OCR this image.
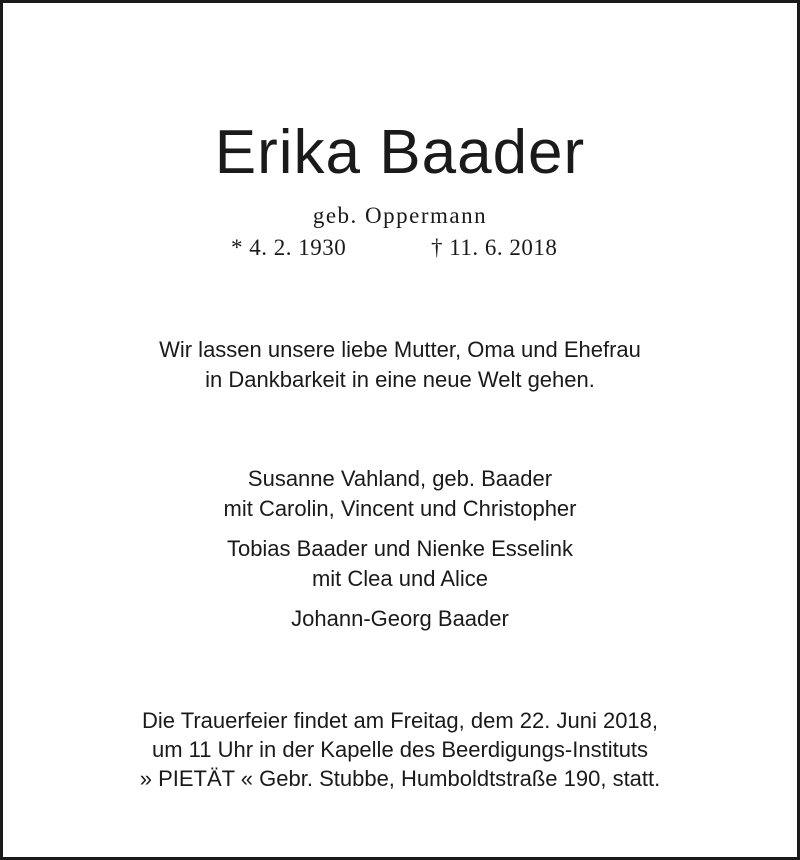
Erika Baader
geb. Oppermann
* 4. 2. 1930	† 11. 6. 2018
Wir lassen unsere liebe Mutter, Oma und Ehefrau
in Dankbarkeit in eine neue Welt gehen.
Susanne Vahland, geb. Baader
mit Carolin, Vincent und Christopher
Tobias Baader und Nienke Esselink
mit Clea und Alice
Johann-Georg Baader
Die Trauerfeier findet am Freitag, dem 22. Juni 2018,
um 11 Uhr in der Kapelle des Beerdigungs-Instituts
» PIETÄT « Gebr. Stubbe, Humboldtstraße 190, statt.
